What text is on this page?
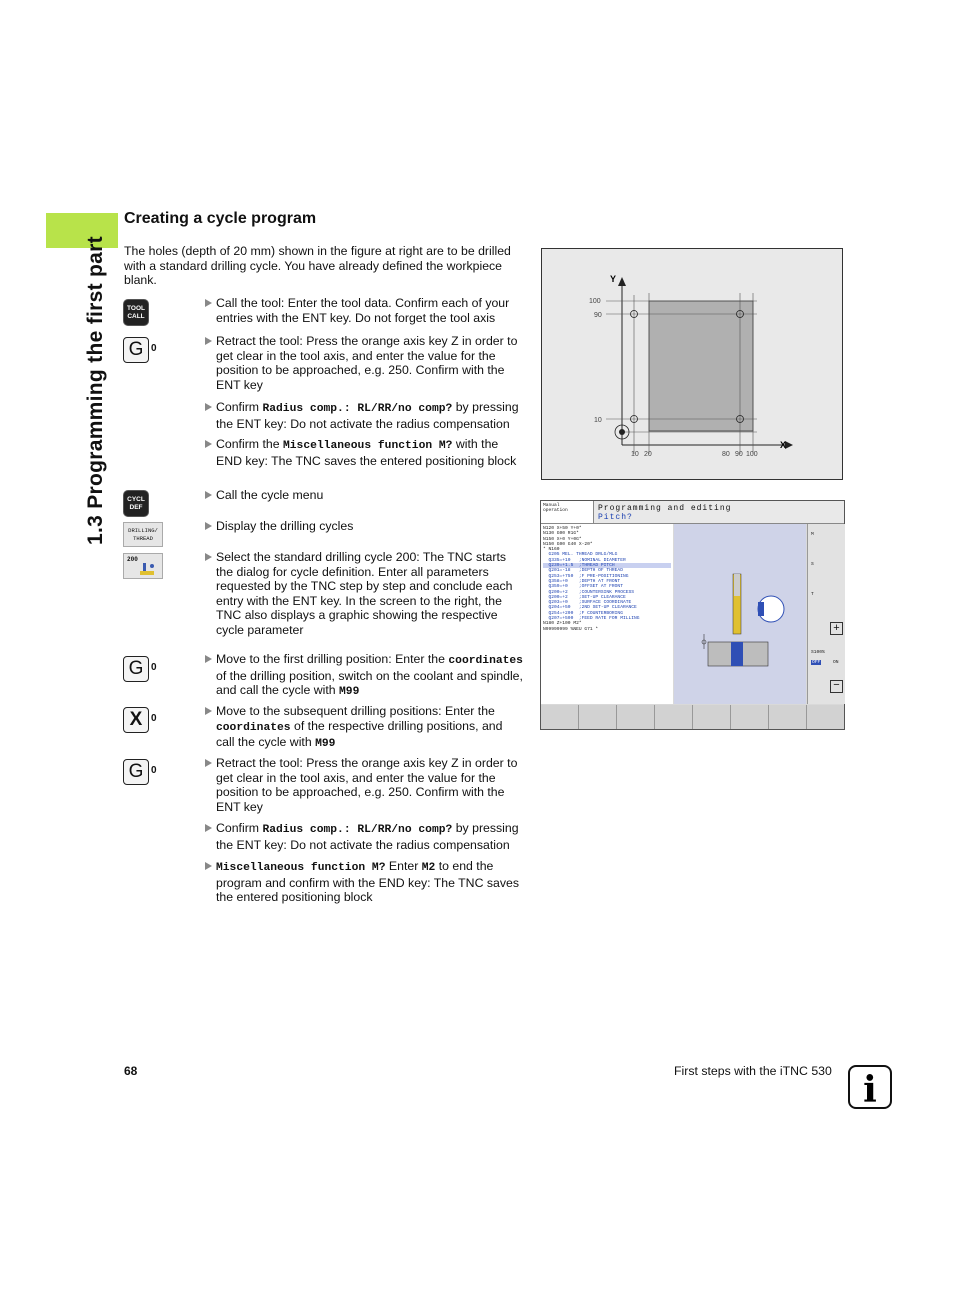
1.3 Programming the first part
Creating a cycle program
The holes (depth of 20 mm) shown in the figure at right are to be drilled with a standard drilling cycle. You have already defined the workpiece blank.
TOOL
CALL
G 0
CYCL
DEF
DRILLING/
THREAD
200
G 0
X 0
G 0
Call the tool: Enter the tool data. Confirm each of your entries with the ENT key. Do not forget the tool axis
Retract the tool: Press the orange axis key Z in order to get clear in the tool axis, and enter the value for the position to be approached, e.g. 250. Confirm with the ENT key
Confirm Radius comp.: RL/RR/no comp? by pressing the ENT key: Do not activate the radius compensation
Confirm the Miscellaneous function M? with the END key: The TNC saves the entered positioning block
Call the cycle menu
Display the drilling cycles
Select the standard drilling cycle 200: The TNC starts the dialog for cycle definition. Enter all parameters requested by the TNC step by step and conclude each entry with the ENT key. In the screen to the right, the TNC also displays a graphic showing the respective cycle parameter
Move to the first drilling position: Enter the coordinates of the drilling position, switch on the coolant and spindle, and call the cycle with M99
Move to the subsequent drilling positions: Enter the coordinates of the respective drilling positions, and call the cycle with M99
Retract the tool: Press the orange axis key Z in order to get clear in the tool axis, and enter the value for the position to be approached, e.g. 250. Confirm with the ENT key
Confirm Radius comp.: RL/RR/no comp? by pressing the ENT key: Do not activate the radius compensation
Miscellaneous function M? Enter M2 to end the program and confirm with the END key: The TNC saves the entered positioning block
Y
X
100
90
10
10 20	80 90 100
Manual
operation	Programming and editing
Pitch?
N120 X+50 Y+0*
N130 G00 R1G*
N150 X+0 Y+0G*
N150 G00 G40 X-20*
* N160
G205 MEL. THREAD DRLG/MLG
Q335=+10   ;NOMINAL DIAMETER
Q239=+1.5  ;THREAD PITCH
Q201=-18   ;DEPTH OF THREAD
Q253=+750  ;F PRE-POSITIONING
Q358=+0    ;DEPTH AT FRONT
Q359=+0    ;OFFSET AT FRONT
Q200=+2    ;COUNTERSINK PROCESS
Q200=+2    ;SET-UP CLEARANCE
Q203=+0    ;SURFACE COORDINATE
Q204=+50   ;2ND SET-UP CLEARANCE
Q254=+200  ;F COUNTERBORING
Q207=+500  ;FEED RATE FOR MILLING
N180 Z+100 M2*
N99999999 %NEU G71 *
M
S
T
S100%
OFF	ON
+
−
68	First steps with the iTNC 530 i
